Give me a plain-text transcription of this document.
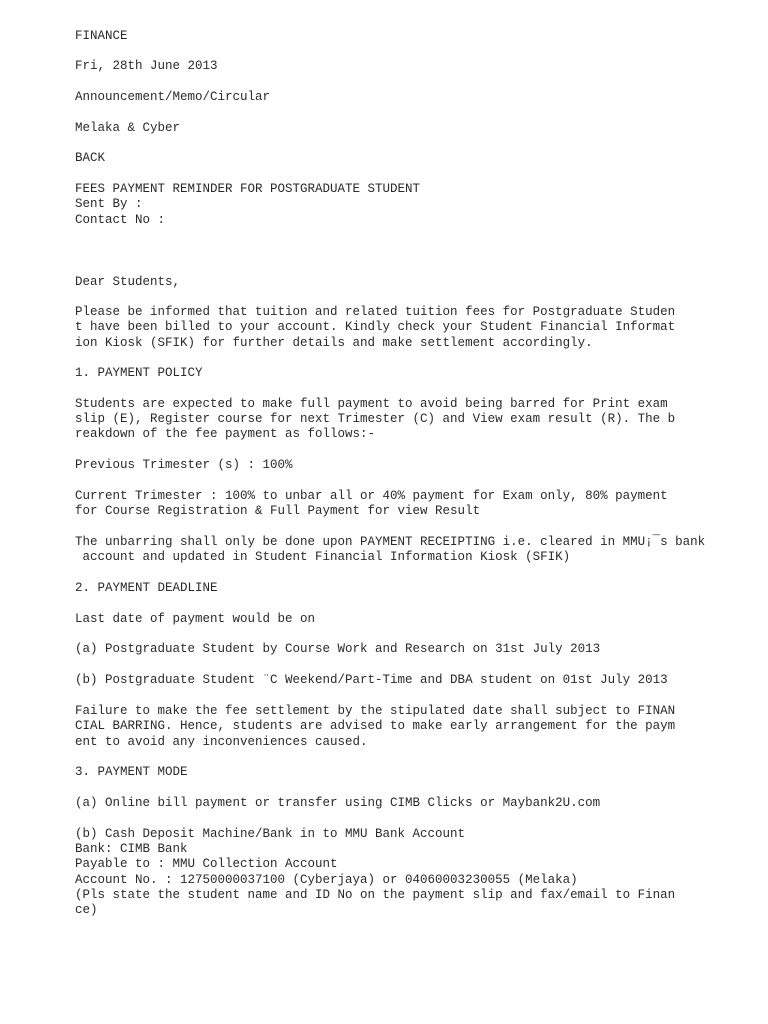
FINANCE

Fri, 28th June 2013

Announcement/Memo/Circular

Melaka & Cyber

BACK

FEES PAYMENT REMINDER FOR POSTGRADUATE STUDENT

Sent By :

Contact No :

Dear Students,

Please be informed that tuition and related tuition fees for Postgraduate Studen

t have been billed to your account. Kindly check your Student Financial Informat

ion Kiosk (SFIK) for further details and make settlement accordingly.

1. PAYMENT POLICY

Students are expected to make full payment to avoid being barred for Print exam

slip (E), Register course for next Trimester (C) and View exam result (R). The b

reakdown of the fee payment as follows:-

Previous Trimester (s) : 100%

Current Trimester : 100% to unbar all or 40% payment for Exam only, 80% payment

for Course Registration & Full Payment for view Result

The unbarring shall only be done upon PAYMENT RECEIPTING i.e. cleared in MMU¡¯s bank

account and updated in Student Financial Information Kiosk (SFIK)

2. PAYMENT DEADLINE

Last date of payment would be on

(a) Postgraduate Student by Course Work and Research on 31st July 2013

(b) Postgraduate Student ¨C Weekend/Part-Time and DBA student on 01st July 2013

Failure to make the fee settlement by the stipulated date shall subject to FINAN

CIAL BARRING. Hence, students are advised to make early arrangement for the paym

ent to avoid any inconveniences caused.

3. PAYMENT MODE

(a) Online bill payment or transfer using CIMB Clicks or Maybank2U.com

(b) Cash Deposit Machine/Bank in to MMU Bank Account

Bank: CIMB Bank

Payable to : MMU Collection Account

Account No. : 12750000037100 (Cyberjaya) or 04060003230055 (Melaka)

(Pls state the student name and ID No on the payment slip and fax/email to Finan

ce)
